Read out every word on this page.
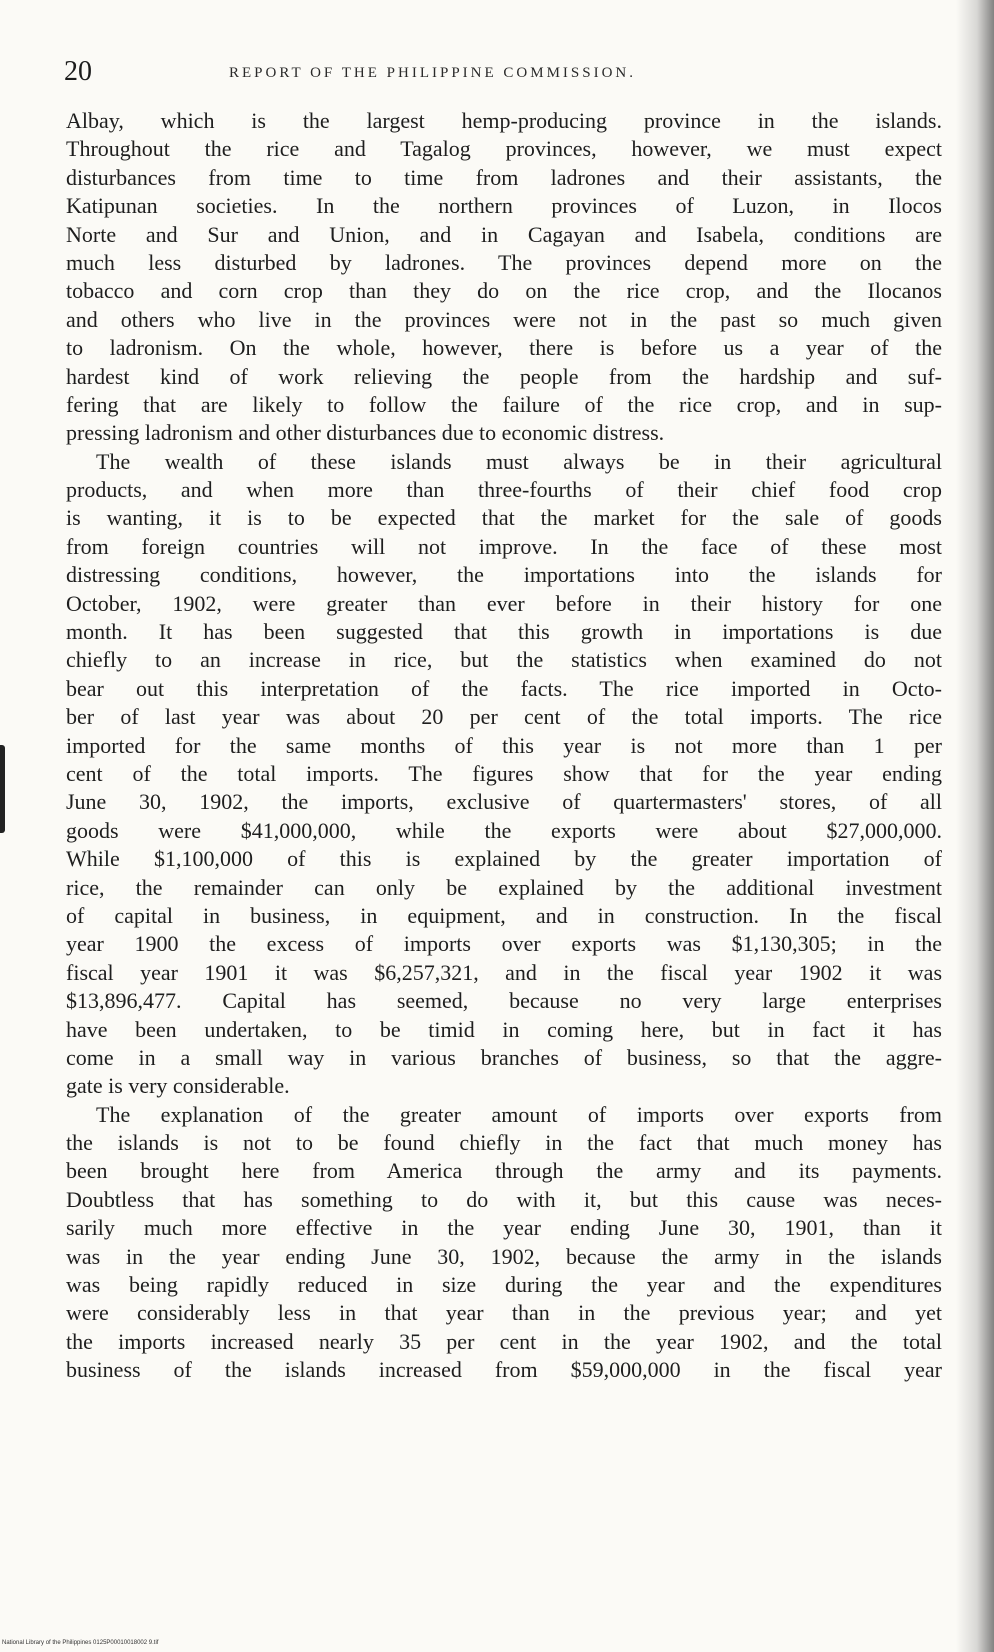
20	REPORT OF THE PHILIPPINE COMMISSION.
Albay, which is the largest hemp-producing province in the islands.
Throughout the rice and Tagalog provinces, however, we must expect
disturbances from time to time from ladrones and their assistants, the
Katipunan societies. In the northern provinces of Luzon, in Ilocos
Norte and Sur and Union, and in Cagayan and Isabela, conditions are
much less disturbed by ladrones. The provinces depend more on the
tobacco and corn crop than they do on the rice crop, and the Ilocanos
and others who live in the provinces were not in the past so much given
to ladronism. On the whole, however, there is before us a year of the
hardest kind of work relieving the people from the hardship and suf-
fering that are likely to follow the failure of the rice crop, and in sup-
pressing ladronism and other disturbances due to economic distress.
The wealth of these islands must always be in their agricultural
products, and when more than three-fourths of their chief food crop
is wanting, it is to be expected that the market for the sale of goods
from foreign countries will not improve. In the face of these most
distressing conditions, however, the importations into the islands for
October, 1902, were greater than ever before in their history for one
month. It has been suggested that this growth in importations is due
chiefly to an increase in rice, but the statistics when examined do not
bear out this interpretation of the facts. The rice imported in Octo-
ber of last year was about 20 per cent of the total imports. The rice
imported for the same months of this year is not more than 1 per
cent of the total imports. The figures show that for the year ending
June 30, 1902, the imports, exclusive of quartermasters' stores, of all
goods were $41,000,000, while the exports were about $27,000,000.
While $1,100,000 of this is explained by the greater importation of
rice, the remainder can only be explained by the additional investment
of capital in business, in equipment, and in construction. In the fiscal
year 1900 the excess of imports over exports was $1,130,305; in the
fiscal year 1901 it was $6,257,321, and in the fiscal year 1902 it was
$13,896,477. Capital has seemed, because no very large enterprises
have been undertaken, to be timid in coming here, but in fact it has
come in a small way in various branches of business, so that the aggre-
gate is very considerable.
The explanation of the greater amount of imports over exports from
the islands is not to be found chiefly in the fact that much money has
been brought here from America through the army and its payments.
Doubtless that has something to do with it, but this cause was neces-
sarily much more effective in the year ending June 30, 1901, than it
was in the year ending June 30, 1902, because the army in the islands
was being rapidly reduced in size during the year and the expenditures
were considerably less in that year than in the previous year; and yet
the imports increased nearly 35 per cent in the year 1902, and the total
business of the islands increased from $59,000,000 in the fiscal year
National Library of the Philippines 0125P00010018002 9.tif
